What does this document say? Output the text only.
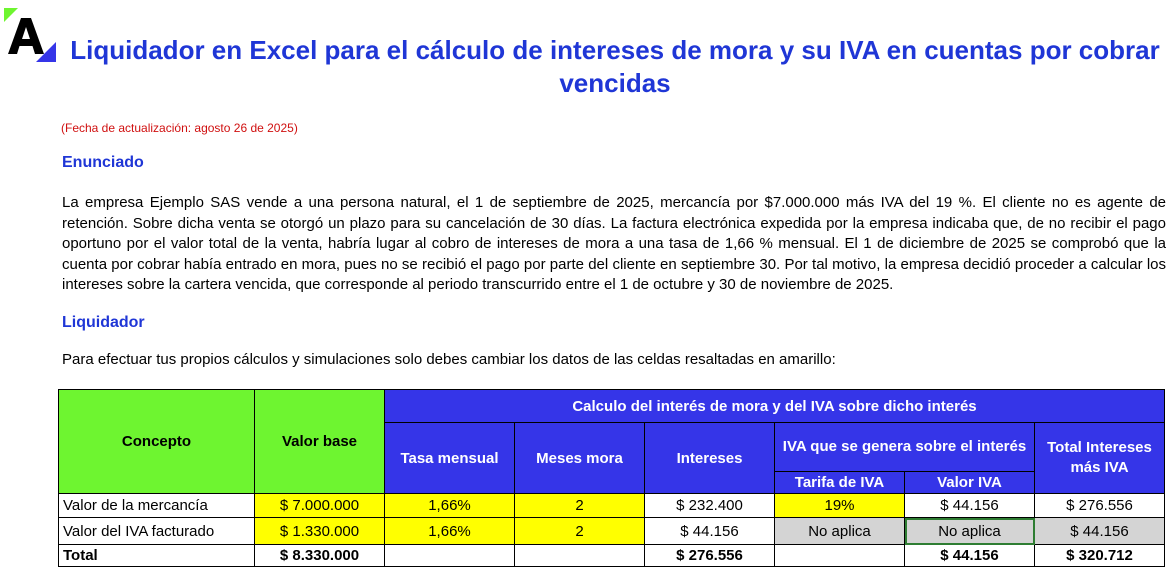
Liquidador en Excel para el cálculo de intereses de mora y su IVA en cuentas por cobrar vencidas
(Fecha de actualización: agosto 26 de 2025)
Enunciado
La empresa Ejemplo SAS vende a una persona natural, el 1 de septiembre de 2025, mercancía por $7.000.000 más IVA del 19 %. El cliente no es agente de retención. Sobre dicha venta se otorgó un plazo para su cancelación de 30 días. La factura electrónica expedida por la empresa indicaba que, de no recibir el pago oportuno por el valor total de la venta, habría lugar al cobro de intereses de mora a una tasa de 1,66 % mensual. El 1 de diciembre de 2025 se comprobó que la cuenta por cobrar había entrado en mora, pues no se recibió el pago por parte del cliente en septiembre 30. Por tal motivo, la empresa decidió proceder a calcular los intereses sobre la cartera vencida, que corresponde al periodo transcurrido entre el 1 de octubre y 30 de noviembre de 2025.
Liquidador
Para efectuar tus propios cálculos y simulaciones solo debes cambiar los datos de las celdas resaltadas en amarillo:
Concepto	Valor base	Calculo del interés de mora y del IVA sobre dicho interés					
		Tasa mensual	Meses mora	Intereses	IVA que se genera sobre el interés		Total Intereses más IVA
					Tarifa de IVA	Valor IVA	
Valor de la mercancía	$ 7.000.000	1,66%	2	$ 232.400	19%	$ 44.156	$ 276.556
Valor del IVA facturado	$ 1.330.000	1,66%	2	$ 44.156	No aplica	No aplica	$ 44.156
Total	$ 8.330.000			$ 276.556		$ 44.156	$ 320.712
